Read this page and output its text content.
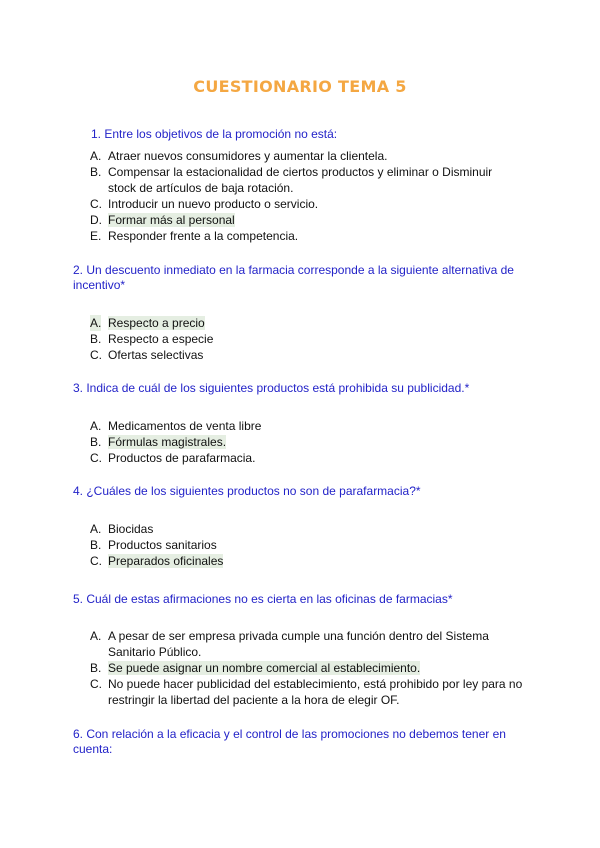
CUESTIONARIO TEMA 5
1. Entre los objetivos de la promoción no está:
A. Atraer nuevos consumidores y aumentar la clientela.
B. Compensar la estacionalidad de ciertos productos y eliminar o Disminuir stock de artículos de baja rotación.
C. Introducir un nuevo producto o servicio.
D. Formar más al personal
E. Responder frente a la competencia.
2. Un descuento inmediato en la farmacia corresponde a la siguiente alternativa de incentivo*
A. Respecto a precio
B. Respecto a especie
C. Ofertas selectivas
3. Indica de cuál de los siguientes productos está prohibida su publicidad.*
A. Medicamentos de venta libre
B. Fórmulas magistrales.
C. Productos de parafarmacia.
4. ¿Cuáles de los siguientes productos no son de parafarmacia?*
A. Biocidas
B. Productos sanitarios
C. Preparados oficinales
5. Cuál de estas afirmaciones no es cierta en las oficinas de farmacias*
A. A pesar de ser empresa privada cumple una función dentro del Sistema Sanitario Público.
B. Se puede asignar un nombre comercial al establecimiento.
C. No puede hacer publicidad del establecimiento, está prohibido por ley para no restringir la libertad del paciente a la hora de elegir OF.
6. Con relación a la eficacia y el control de las promociones no debemos tener en cuenta:
